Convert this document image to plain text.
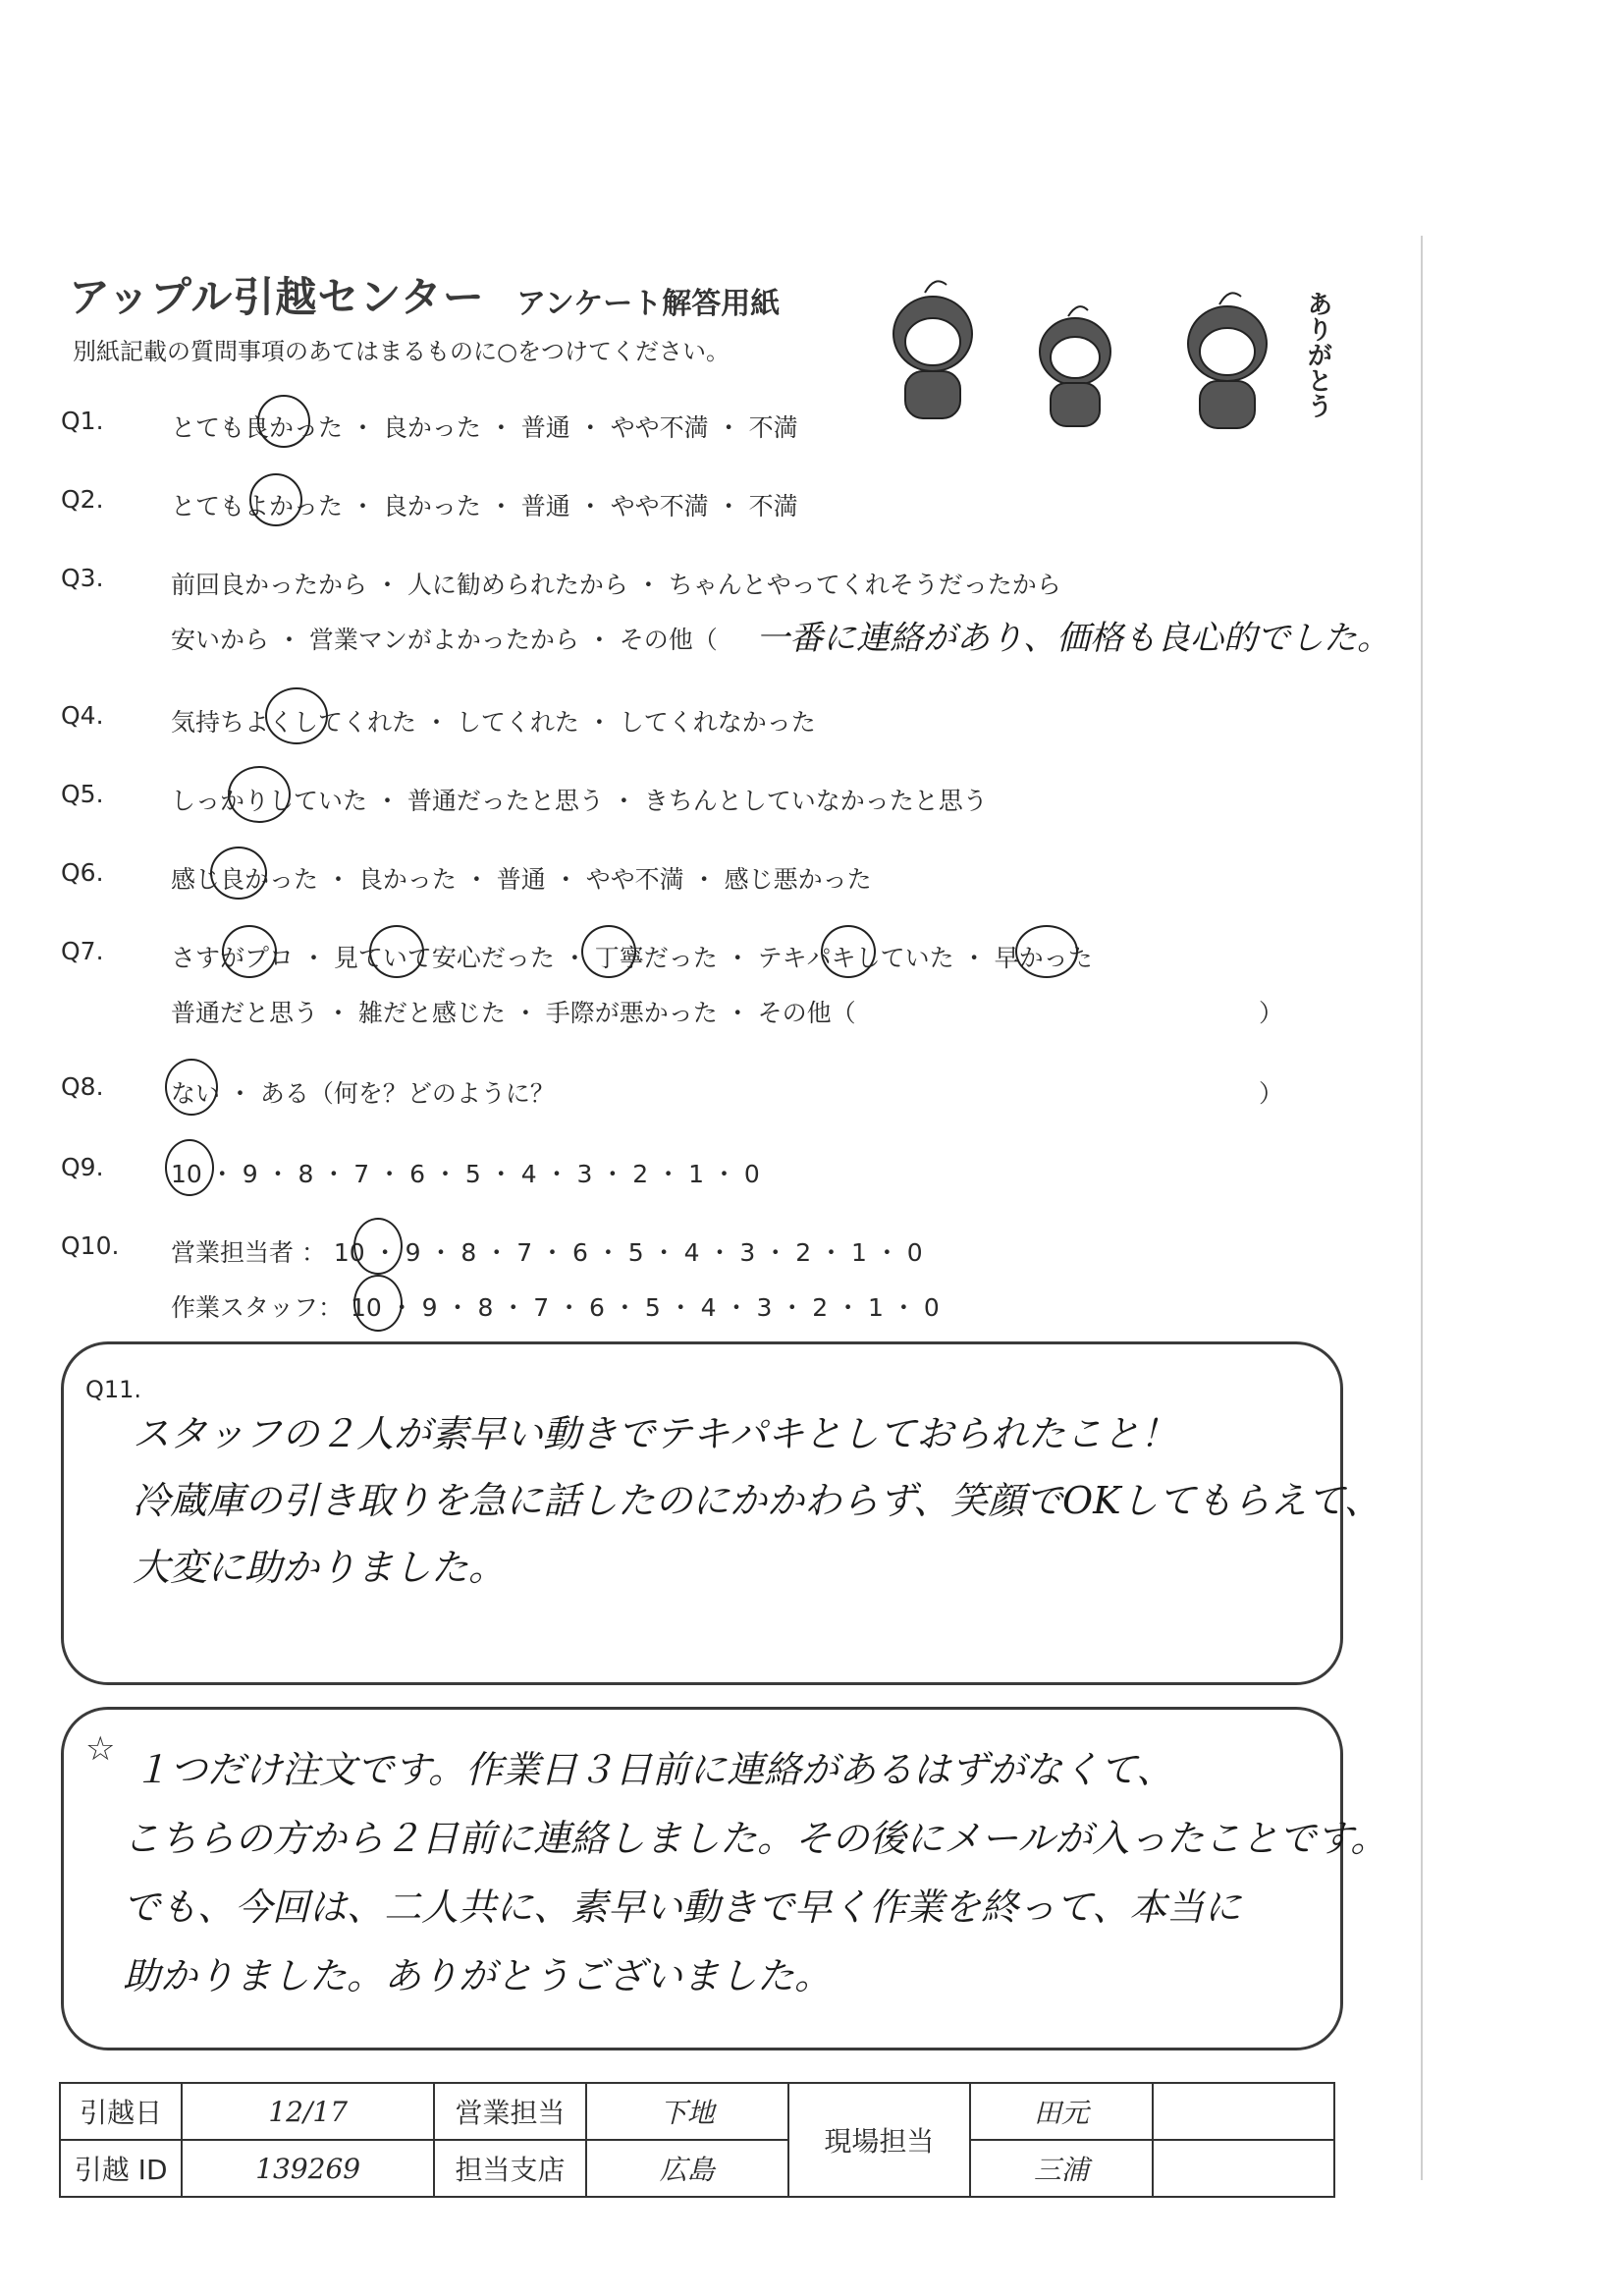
アップル引越センター アンケート解答用紙
別紙記載の質問事項のあてはまるものに○をつけてください。	ありがとう
Q1.	とても良かった ・ 良かった ・ 普通 ・ やや不満 ・ 不満
Q2.	とてもよかった ・ 良かった ・ 普通 ・ やや不満 ・ 不満
Q3.	前回良かったから ・ 人に勧められたから ・ ちゃんとやってくれそうだったから
安いから ・ 営業マンがよかったから ・ その他（ 一番に連絡があり、価格も良心的でした。
Q4.	気持ちよくしてくれた ・ してくれた ・ してくれなかった
Q5.	しっかりしていた ・ 普通だったと思う ・ きちんとしていなかったと思う
Q6.	感じ良かった ・ 良かった ・ 普通 ・ やや不満 ・ 感じ悪かった
Q7.	さすがプロ ・ 見ていて安心だった ・ 丁寧だった ・ テキパキしていた ・ 早かった
普通だと思う ・ 雑だと感じた ・ 手際が悪かった ・ その他（	）
Q8.	ない ・ ある（何を？どのように？	）
Q9.	10 ・ 9 ・ 8 ・ 7 ・ 6 ・ 5 ・ 4 ・ 3 ・ 2 ・ 1 ・ 0
Q10. 営業担当者 ： 10 ・ 9 ・ 8 ・ 7 ・ 6 ・ 5 ・ 4 ・ 3 ・ 2 ・ 1 ・ 0
作業スタッフ： 10 ・ 9 ・ 8 ・ 7 ・ 6 ・ 5 ・ 4 ・ 3 ・ 2 ・ 1 ・ 0
Q11.
スタッフの２人が素早い動きでテキパキとしておられたこと！
冷蔵庫の引き取りを急に話したのにかかわらず、笑顔でOKしてもらえて、
大変に助かりました。
☆ １つだけ注文です。作業日３日前に連絡があるはずがなくて、
こちらの方から２日前に連絡しました。その後にメールが入ったことです。
でも、今回は、二人共に、素早い動きで早く作業を終って、本当に
助かりました。ありがとうございました。
引越日	12/17	営業担当	下地	現場担当	田元	
引越 ID	139269	担当支店	広島		三浦	
